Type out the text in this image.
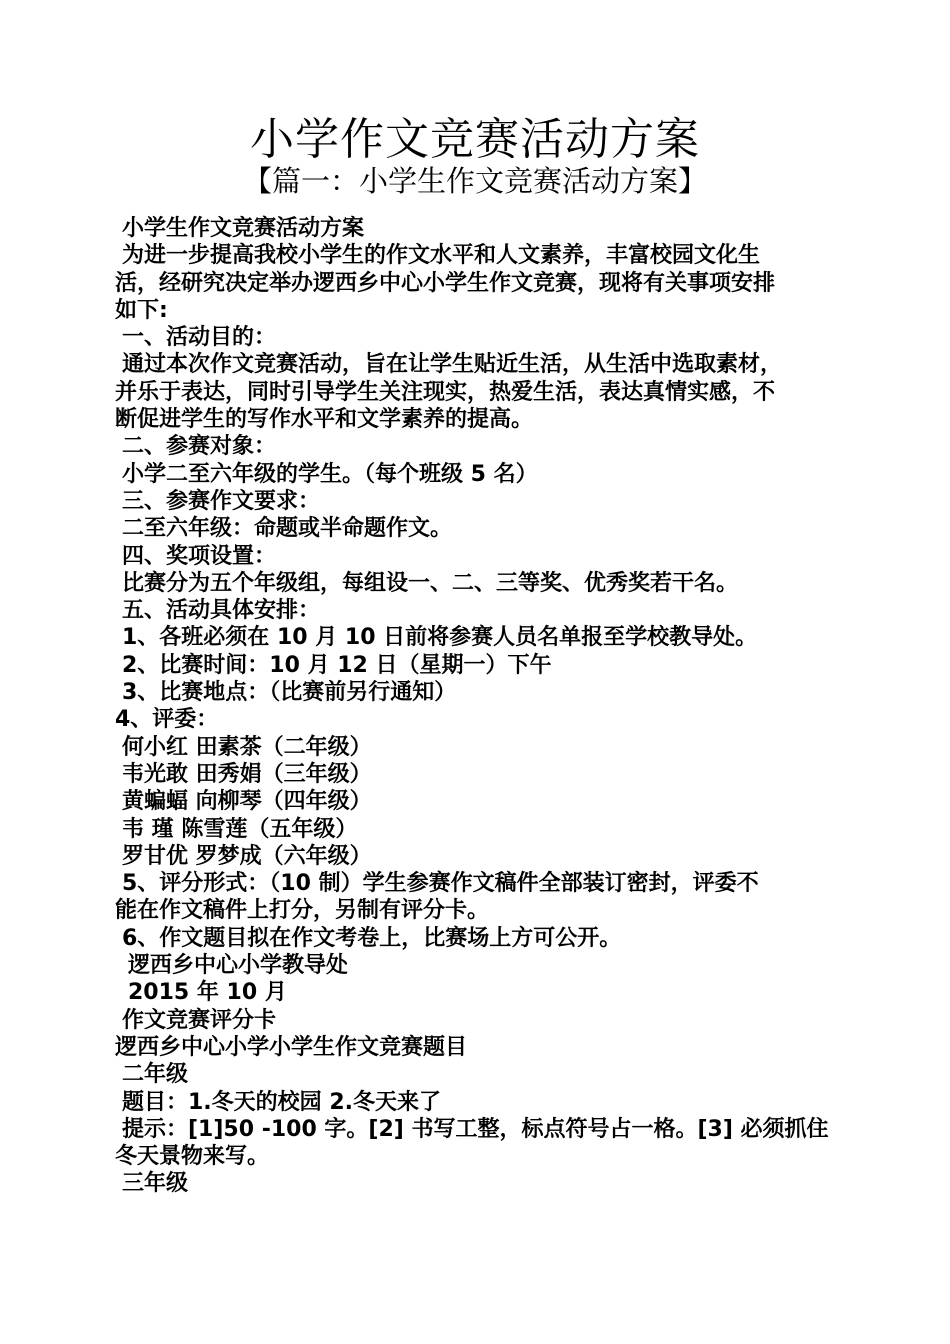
小学作文竞赛活动方案
【篇一：小学生作文竞赛活动方案】
小学生作文竞赛活动方案
为进一步提高我校小学生的作文水平和人文素养，丰富校园文化生
活，经研究决定举办逻西乡中心小学生作文竞赛，现将有关事项安排
如下:
一、活动目的：
通过本次作文竞赛活动，旨在让学生贴近生活，从生活中选取素材，
并乐于表达，同时引导学生关注现实，热爱生活，表达真情实感，不
断促进学生的写作水平和文学素养的提高。
二、参赛对象：
小学二至六年级的学生。（每个班级 5 名）
三、参赛作文要求：
二至六年级：命题或半命题作文。
四、奖项设置：
比赛分为五个年级组，每组设一、二、三等奖、优秀奖若干名。
五、活动具体安排：
1、各班必须在 10 月 10 日前将参赛人员名单报至学校教导处。
2、比赛时间：10 月 12 日（星期一）下午
3、比赛地点：（比赛前另行通知）
4、评委：
何小红 田素茶（二年级）
韦光敢 田秀娟（三年级）
黄蝙蝠 向柳琴（四年级）
韦 瑾 陈雪莲（五年级）
罗甘优 罗梦成（六年级）
5、评分形式：（10 制）学生参赛作文稿件全部装订密封，评委不
能在作文稿件上打分，另制有评分卡。
6、作文题目拟在作文考卷上，比赛场上方可公开。
逻西乡中心小学教导处
2015 年 10 月
作文竞赛评分卡
逻西乡中心小学小学生作文竞赛题目
二年级
题目：1.冬天的校园 2.冬天来了
提示：[1]50 -100 字。[2] 书写工整，标点符号占一格。[3] 必须抓住
冬天景物来写。
三年级
